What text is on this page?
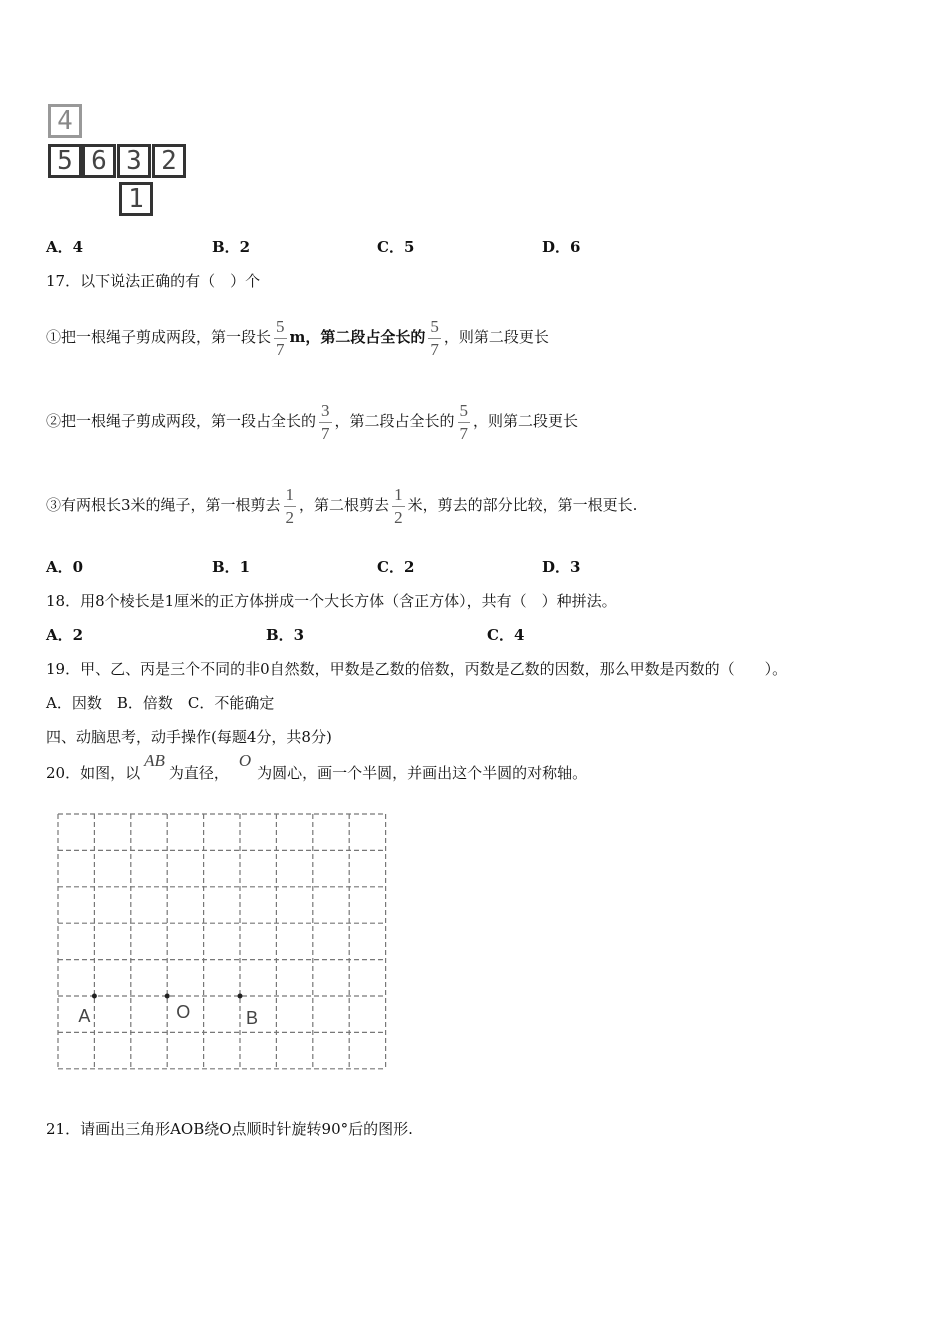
4
5 6 3 2
1
A．4	B．2	C．5	D．6
17．以下说法正确的有（　）个
①把一根绳子剪成两段，第一段长 $\frac{5}{7}$ m，第二段占全长的 $\frac{5}{7}$ ，则第二段更长
②把一根绳子剪成两段，第一段占全长的 $\frac{3}{7}$ ，第二段占全长的 $\frac{5}{7}$ ，则第二段更长
③有两根长3米的绳子，第一根剪去 $\frac{1}{2}$ ，第二根剪去 $\frac{1}{2}$ 米，剪去的部分比较，第一根更长.
A．0	B．1	C．2	D．3
18．用8个棱长是1厘米的正方体拼成一个大长方体（含正方体），共有（　）种拼法。
A．2	B．3	C．4
19．甲、乙、丙是三个不同的非0自然数，甲数是乙数的倍数，丙数是乙数的因数，那么甲数是丙数的（　　）。
A．因数　B．倍数　C．不能确定
四、动脑思考，动手操作(每题4分，共8分)
20．如图，以AB为直径，O为圆心，画一个半圆，并画出这个半圆的对称轴。
A	O	B
21．请画出三角形AOB绕O点顺时针旋转90°后的图形.
